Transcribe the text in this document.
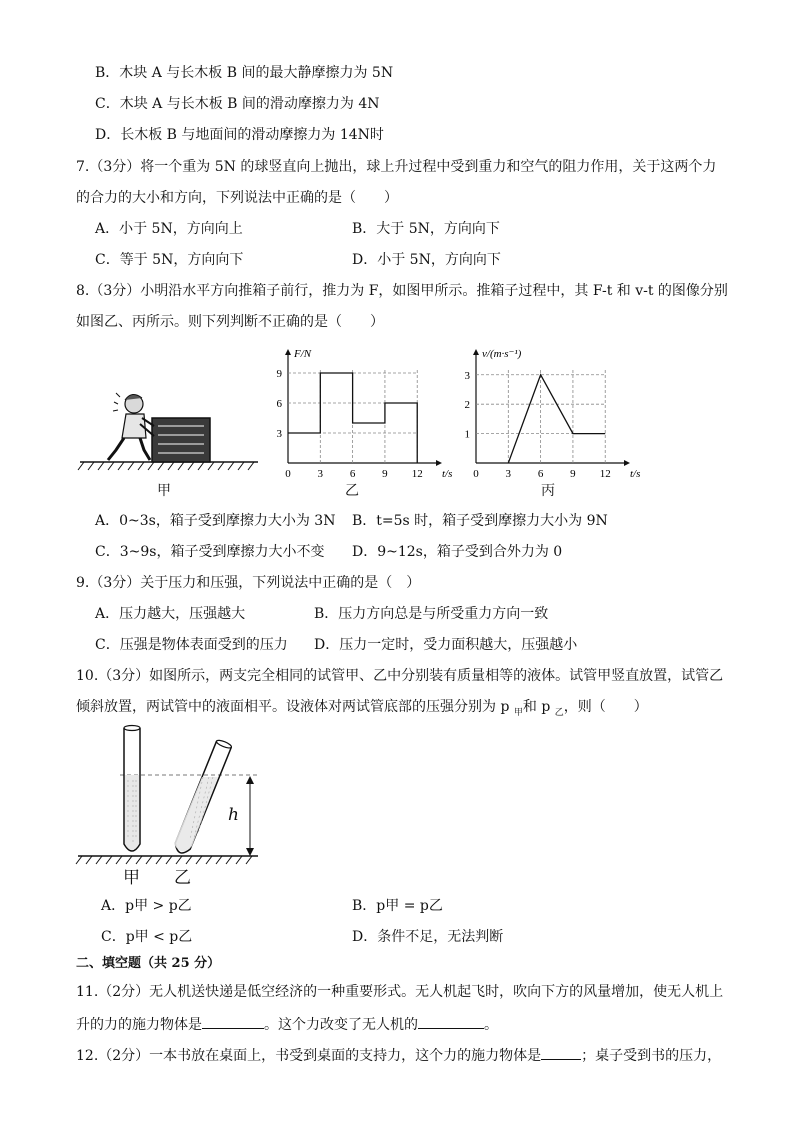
B．木块 A 与长木板 B 间的最大静摩擦力为 5N
C．木块 A 与长木板 B 间的滑动摩擦力为 4N
D．长木板 B 与地面间的滑动摩擦力为 14N时
7.（3分）将一个重为 5N 的球竖直向上抛出，球上升过程中受到重力和空气的阻力作用，关于这两个力
的合力的大小和方向，下列说法中正确的是（　　）
A．小于 5N，方向向上	B．大于 5N，方向向下
C．等于 5N，方向向下	D．小于 5N，方向向下
8.（3分）小明沿水平方向推箱子前行，推力为 F，如图甲所示。推箱子过程中，其 F-t 和 v-t 的图像分别
如图乙、丙所示。则下列判断不正确的是（　　）
甲
0 3 6 9 12
3
6
9
t/s
F/N
乙
0 3 6 9 12
1
2
3
t/s
v/(m·s⁻¹)
丙
A．0~3s，箱子受到摩擦力大小为 3N B．t=5s 时，箱子受到摩擦力大小为 9N
C．3~9s，箱子受到摩擦力大小不变 D．9~12s，箱子受到合外力为 0
9.（3分）关于压力和压强，下列说法中正确的是（　）
A．压力越大，压强越大	B．压力方向总是与所受重力方向一致
C．压强是物体表面受到的压力 D．压力一定时，受力面积越大，压强越小
10.（3分）如图所示，两支完全相同的试管甲、乙中分别装有质量相等的液体。试管甲竖直放置，试管乙
倾斜放置，两试管中的液面相平。设液体对两试管底部的压强分别为 p $_甲$和 p $_乙$，则（　　）
h
甲 乙
A．p甲 > p乙	B．p甲 = p乙
C．p甲 < p乙	D．条件不足，无法判断
二、填空题（共 25 分）
11.（2分）无人机送快递是低空经济的一种重要形式。无人机起飞时，吹向下方的风量增加，使无人机上
升的力的施力物体是	。这个力改变了无人机的	。
12.（2分）一本书放在桌面上，书受到桌面的支持力，这个力的施力物体是	；桌子受到书的压力，
